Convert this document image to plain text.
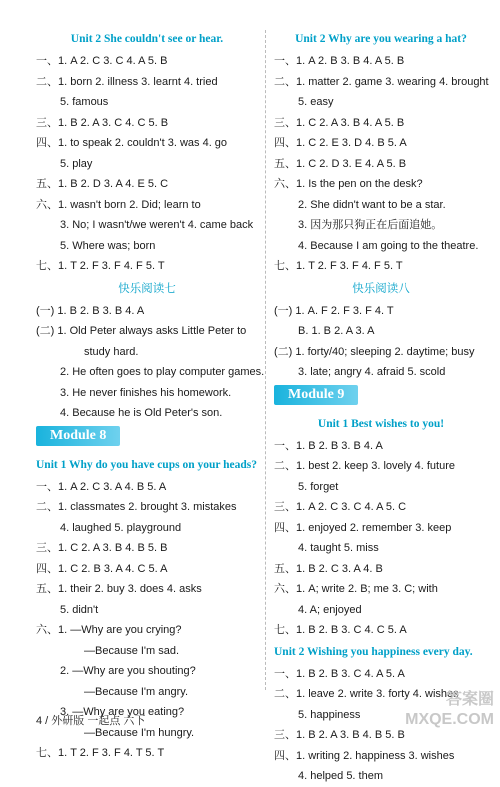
Unit 2 She couldn't see or hear.
一、1. A 2. C 3. C 4. A 5. B
二、1. born 2. illness 3. learnt 4. tried
5. famous
三、1. B 2. A 3. C 4. C 5. B
四、1. to speak 2. couldn't 3. was 4. go
5. play
五、1. B 2. D 3. A 4. E 5. C
六、1. wasn't born 2. Did; learn to
3. No; I wasn't/we weren't 4. came back
5. Where was; born
七、1. T 2. F 3. F 4. F 5. T
快乐阅读七
(一) 1. B 2. B 3. B 4. A
(二) 1. Old Peter always asks Little Peter to
study hard.
2. He often goes to play computer games.
3. He never finishes his homework.
4. Because he is Old Peter's son.
Module 8
Unit 1 Why do you have cups on your heads?
一、1. A 2. C 3. A 4. B 5. A
二、1. classmates 2. brought 3. mistakes
4. laughed 5. playground
三、1. C 2. A 3. B 4. B 5. B
四、1. C 2. B 3. A 4. C 5. A
五、1. their 2. buy 3. does 4. asks
5. didn't
六、1. —Why are you crying?
—Because I'm sad.
2. —Why are you shouting?
—Because I'm angry.
3. —Why are you eating?
—Because I'm hungry.
七、1. T 2. F 3. F 4. T 5. T
Unit 2 Why are you wearing a hat?
一、1. A 2. B 3. B 4. A 5. B
二、1. matter 2. game 3. wearing 4. brought
5. easy
三、1. C 2. A 3. B 4. A 5. B
四、1. C 2. E 3. D 4. B 5. A
五、1. C 2. D 3. E 4. A 5. B
六、1. Is the pen on the desk?
2. She didn't want to be a star.
3. 因为那只狗正在后面追她。
4. Because I am going to the theatre.
七、1. T 2. F 3. F 4. F 5. T
快乐阅读八
(一) 1. A. F 2. F 3. F 4. T
B. 1. B 2. A 3. A
(二) 1. forty/40; sleeping 2. daytime; busy
3. late; angry 4. afraid 5. scold
Module 9
Unit 1 Best wishes to you!
一、1. B 2. B 3. B 4. A
二、1. best 2. keep 3. lovely 4. future
5. forget
三、1. A 2. C 3. C 4. A 5. C
四、1. enjoyed 2. remember 3. keep
4. taught 5. miss
五、1. B 2. C 3. A 4. B
六、1. A; write 2. B; me 3. C; with
4. A; enjoyed
七、1. B 2. B 3. C 4. C 5. A
Unit 2 Wishing you happiness every day.
一、1. B 2. B 3. C 4. A 5. A
二、1. leave 2. write 3. forty 4. wishes
5. happiness
三、1. B 2. A 3. B 4. B 5. B
四、1. writing 2. happiness 3. wishes
4. helped 5. them
4 / 外研版 一起点 六下
答案圈
MXQE.COM
